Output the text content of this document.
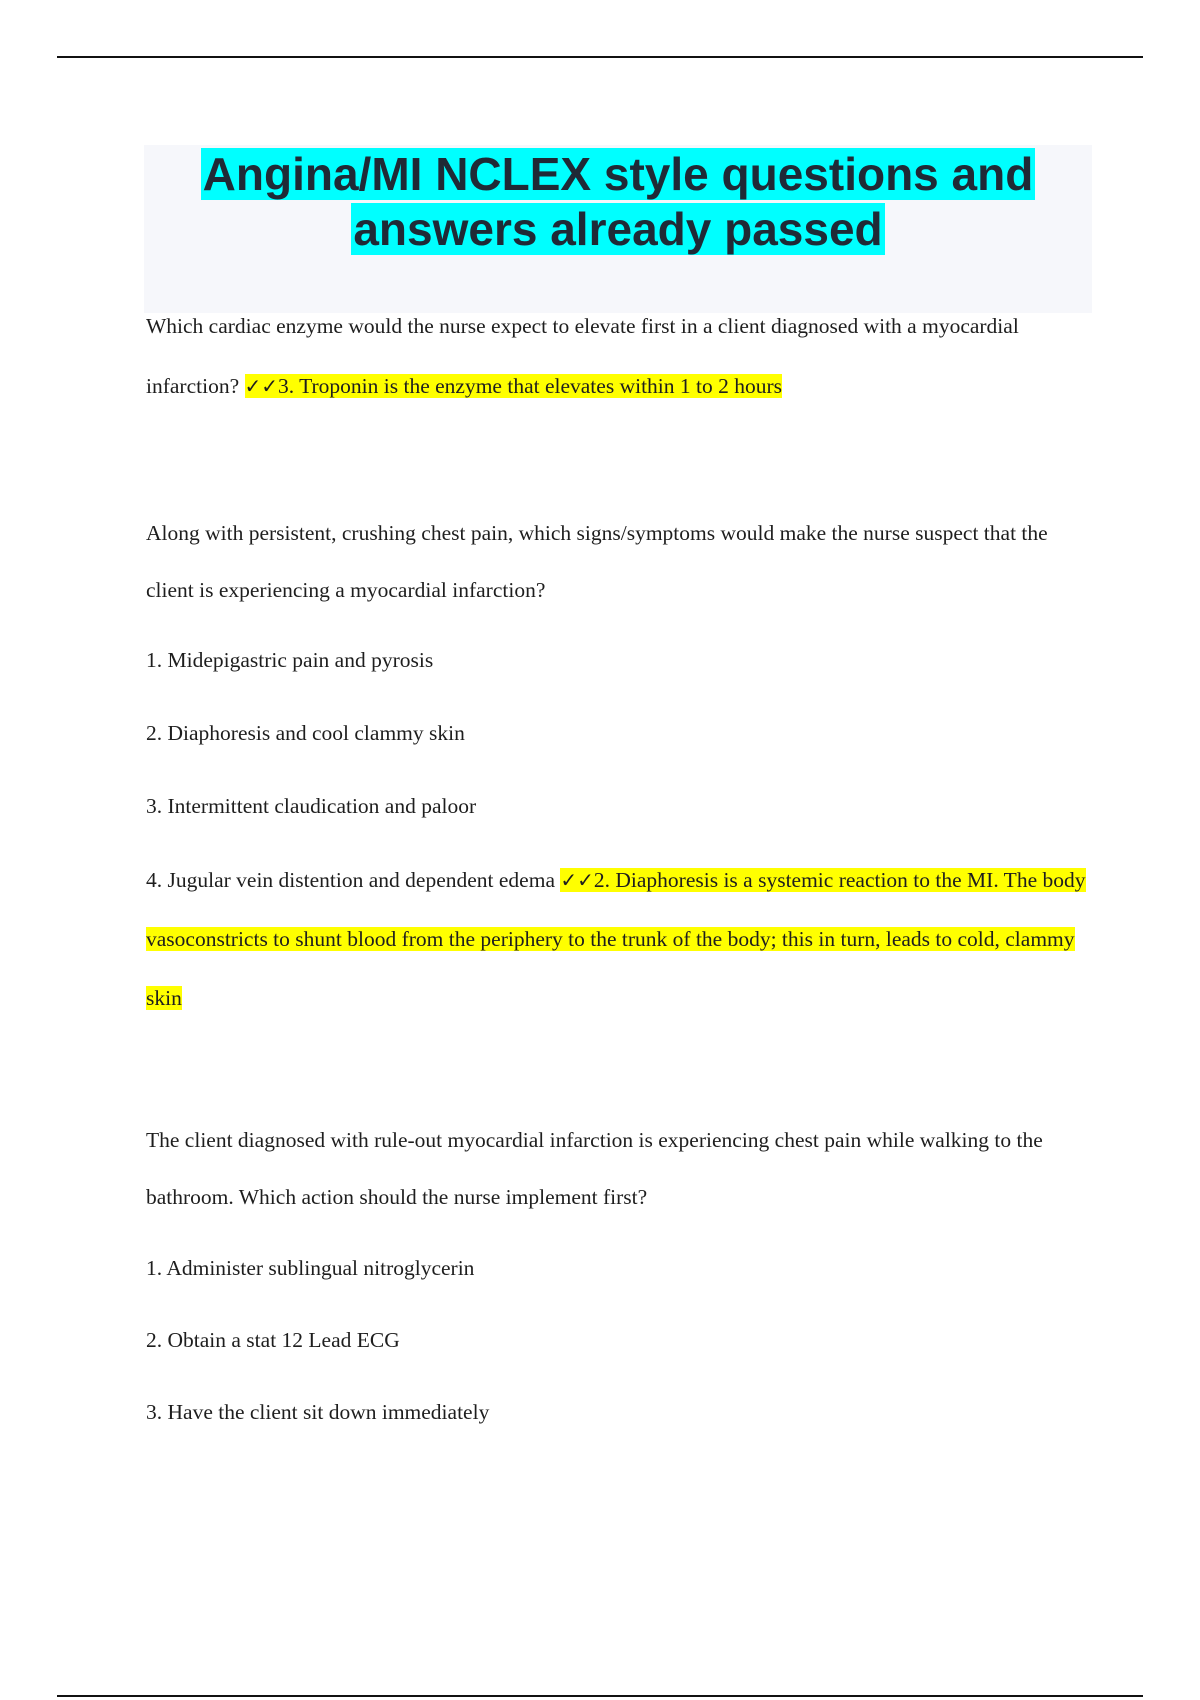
Angina/MI NCLEX style questions and
answers already passed

Which cardiac enzyme would the nurse expect to elevate first in a client diagnosed with a myocardial infarction? ✓✓3. Troponin is the enzyme that elevates within 1 to 2 hours

Along with persistent, crushing chest pain, which signs/symptoms would make the nurse suspect that the client is experiencing a myocardial infarction?

1. Midepigastric pain and pyrosis

2. Diaphoresis and cool clammy skin

3. Intermittent claudication and paloor

4. Jugular vein distention and dependent edema ✓✓2. Diaphoresis is a systemic reaction to the MI. The body vasoconstricts to shunt blood from the periphery to the trunk of the body; this in turn, leads to cold, clammy skin

The client diagnosed with rule-out myocardial infarction is experiencing chest pain while walking to the bathroom. Which action should the nurse implement first?

1. Administer sublingual nitroglycerin

2. Obtain a stat 12 Lead ECG

3. Have the client sit down immediately
